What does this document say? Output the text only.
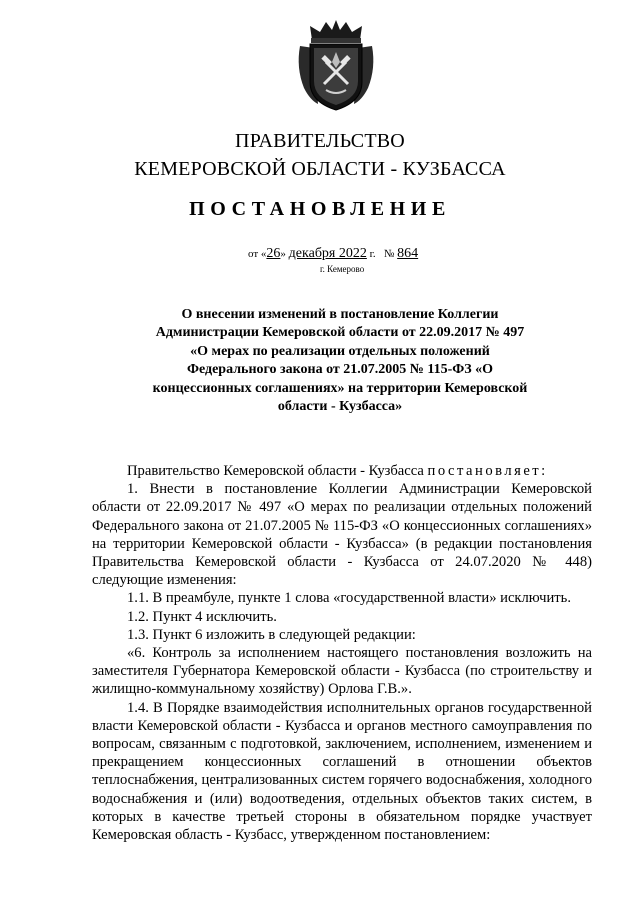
ПРАВИТЕЛЬСТВО
КЕМЕРОВСКОЙ ОБЛАСТИ - КУЗБАССА
ПОСТАНОВЛЕНИЕ
от «26» декабря 2022 г. № 864
г. Кемерово
О внесении изменений в постановление Коллегии Администрации Кемеровской области от 22.09.2017 № 497 «О мерах по реализации отдельных положений Федерального закона от 21.07.2005 № 115-ФЗ «О концессионных соглашениях» на территории Кемеровской области - Кузбасса»

Правительство Кемеровской области - Кузбасса постановляет:

1. Внести в постановление Коллегии Администрации Кемеровской области от 22.09.2017 № 497 «О мерах по реализации отдельных положений Федерального закона от 21.07.2005 № 115-ФЗ «О концессионных соглашениях» на территории Кемеровской области - Кузбасса» (в редакции постановления Правительства Кемеровской области - Кузбасса от 24.07.2020 № 448) следующие изменения:

1.1. В преамбуле, пункте 1 слова «государственной власти» исключить.

1.2. Пункт 4 исключить.

1.3. Пункт 6 изложить в следующей редакции:

«6. Контроль за исполнением настоящего постановления возложить на заместителя Губернатора Кемеровской области - Кузбасса (по строительству и жилищно-коммунальному хозяйству) Орлова Г.В.».

1.4. В Порядке взаимодействия исполнительных органов государственной власти Кемеровской области - Кузбасса и органов местного самоуправления по вопросам, связанным с подготовкой, заключением, исполнением, изменением и прекращением концессионных соглашений в отношении объектов теплоснабжения, централизованных систем горячего водоснабжения, холодного водоснабжения и (или) водоотведения, отдельных объектов таких систем, в которых в качестве третьей стороны в обязательном порядке участвует Кемеровская область - Кузбасс, утвержденном постановлением:
